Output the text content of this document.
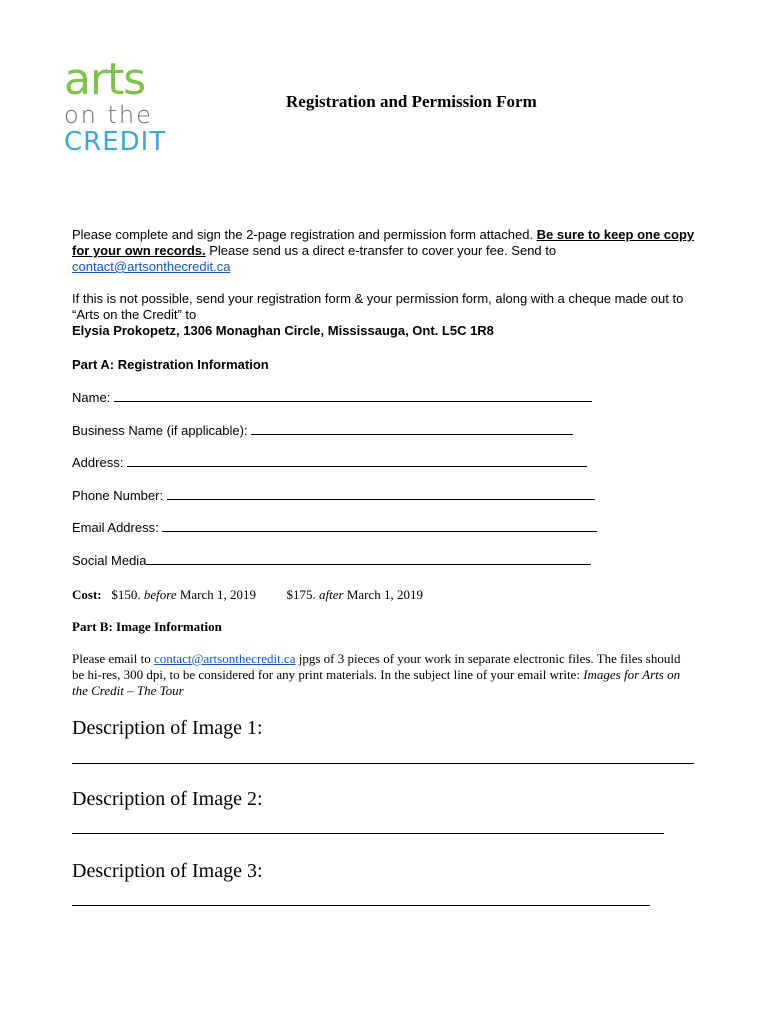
arts
on the
CREDIT
Registration and Permission Form
Please complete and sign the 2-page registration and permission form attached. Be sure to keep one copy for your own records. Please send us a direct e-transfer to cover your fee. Send to contact@artsonthecredit.ca
If this is not possible, send your registration form & your permission form, along with a cheque made out to “Arts on the Credit” to
Elysia Prokopetz, 1306 Monaghan Circle, Mississauga, Ont. L5C 1R8
Part A: Registration Information
Name:
Business Name (if applicable):
Address:
Phone Number:
Email Address:
Social Media
Cost: $150. before March 1, 2019 $175. after March 1, 2019
Part B: Image Information
Please email to contact@artsonthecredit.ca jpgs of 3 pieces of your work in separate electronic files. The files should be hi-res, 300 dpi, to be considered for any print materials. In the subject line of your email write: Images for Arts on the Credit – The Tour
Description of Image 1:
Description of Image 2:
Description of Image 3:
